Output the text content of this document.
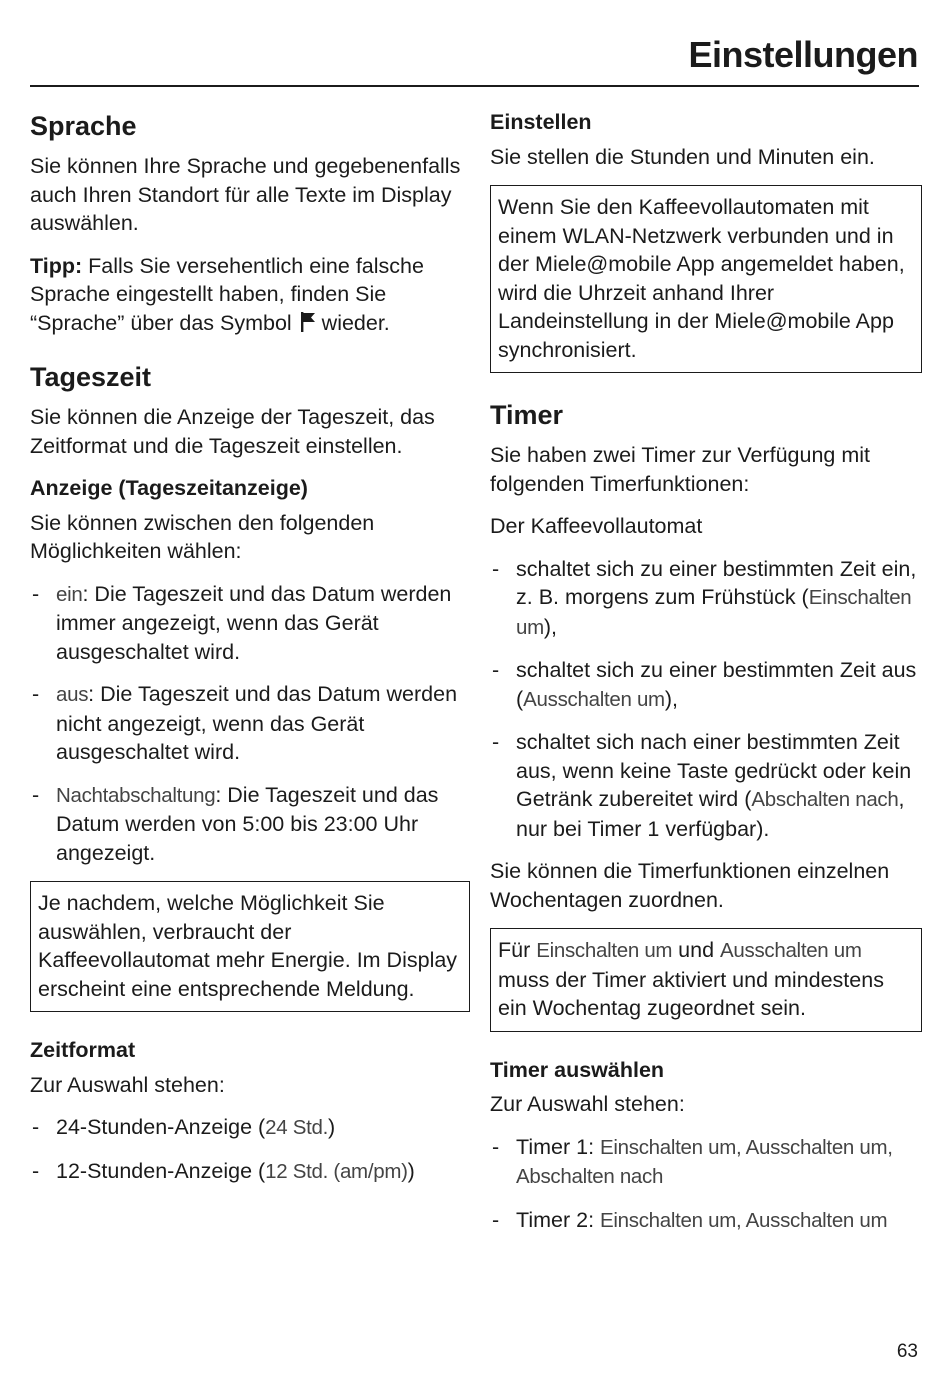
Einstellungen
Sprache

Sie können Ihre Sprache und gegebenenfalls auch Ihren Standort für alle Texte im Display auswählen.

Tipp: Falls Sie versehentlich eine falsche Sprache eingestellt haben, finden Sie “Sprache” über das Symbol  wieder.

Tageszeit

Sie können die Anzeige der Tageszeit, das Zeitformat und die Tageszeit einstellen.

Anzeige (Tageszeitanzeige)

Sie können zwischen den folgenden Möglichkeiten wählen:

- ein: Die Tageszeit und das Datum werden immer angezeigt, wenn das Gerät ausgeschaltet wird.
- aus: Die Tageszeit und das Datum werden nicht angezeigt, wenn das Gerät ausgeschaltet wird.
- Nachtabschaltung: Die Tageszeit und das Datum werden von 5:00 bis 23:00 Uhr angezeigt.
Je nachdem, welche Möglichkeit Sie auswählen, verbraucht der Kaffeevollautomat mehr Energie. Im Display erscheint eine entsprechende Meldung.
Zeitformat

Zur Auswahl stehen:

- 24-Stunden-Anzeige (24 Std.)
- 12-Stunden-Anzeige (12 Std. (am/pm))
Einstellen

Sie stellen die Stunden und Minuten ein.

Wenn Sie den Kaffeevollautomaten mit einem WLAN-Netzwerk verbunden und in der Miele@mobile App angemeldet haben, wird die Uhrzeit anhand Ihrer Landeinstellung in der Miele@mobile App synchronisiert.
Timer

Sie haben zwei Timer zur Verfügung mit folgenden Timerfunktionen:

Der Kaffeevollautomat

- schaltet sich zu einer bestimmten Zeit ein, z. B. morgens zum Frühstück (Einschalten um),
- schaltet sich zu einer bestimmten Zeit aus (Ausschalten um),
- schaltet sich nach einer bestimmten Zeit aus, wenn keine Taste gedrückt oder kein Getränk zubereitet wird (Abschalten nach, nur bei Timer 1 verfügbar).

Sie können die Timerfunktionen einzelnen Wochentagen zuordnen.

Für Einschalten um und Ausschalten um muss der Timer aktiviert und mindestens ein Wochentag zugeordnet sein.
Timer auswählen

Zur Auswahl stehen:

- Timer 1: Einschalten um, Ausschalten um, Abschalten nach
- Timer 2: Einschalten um, Ausschalten um
63
